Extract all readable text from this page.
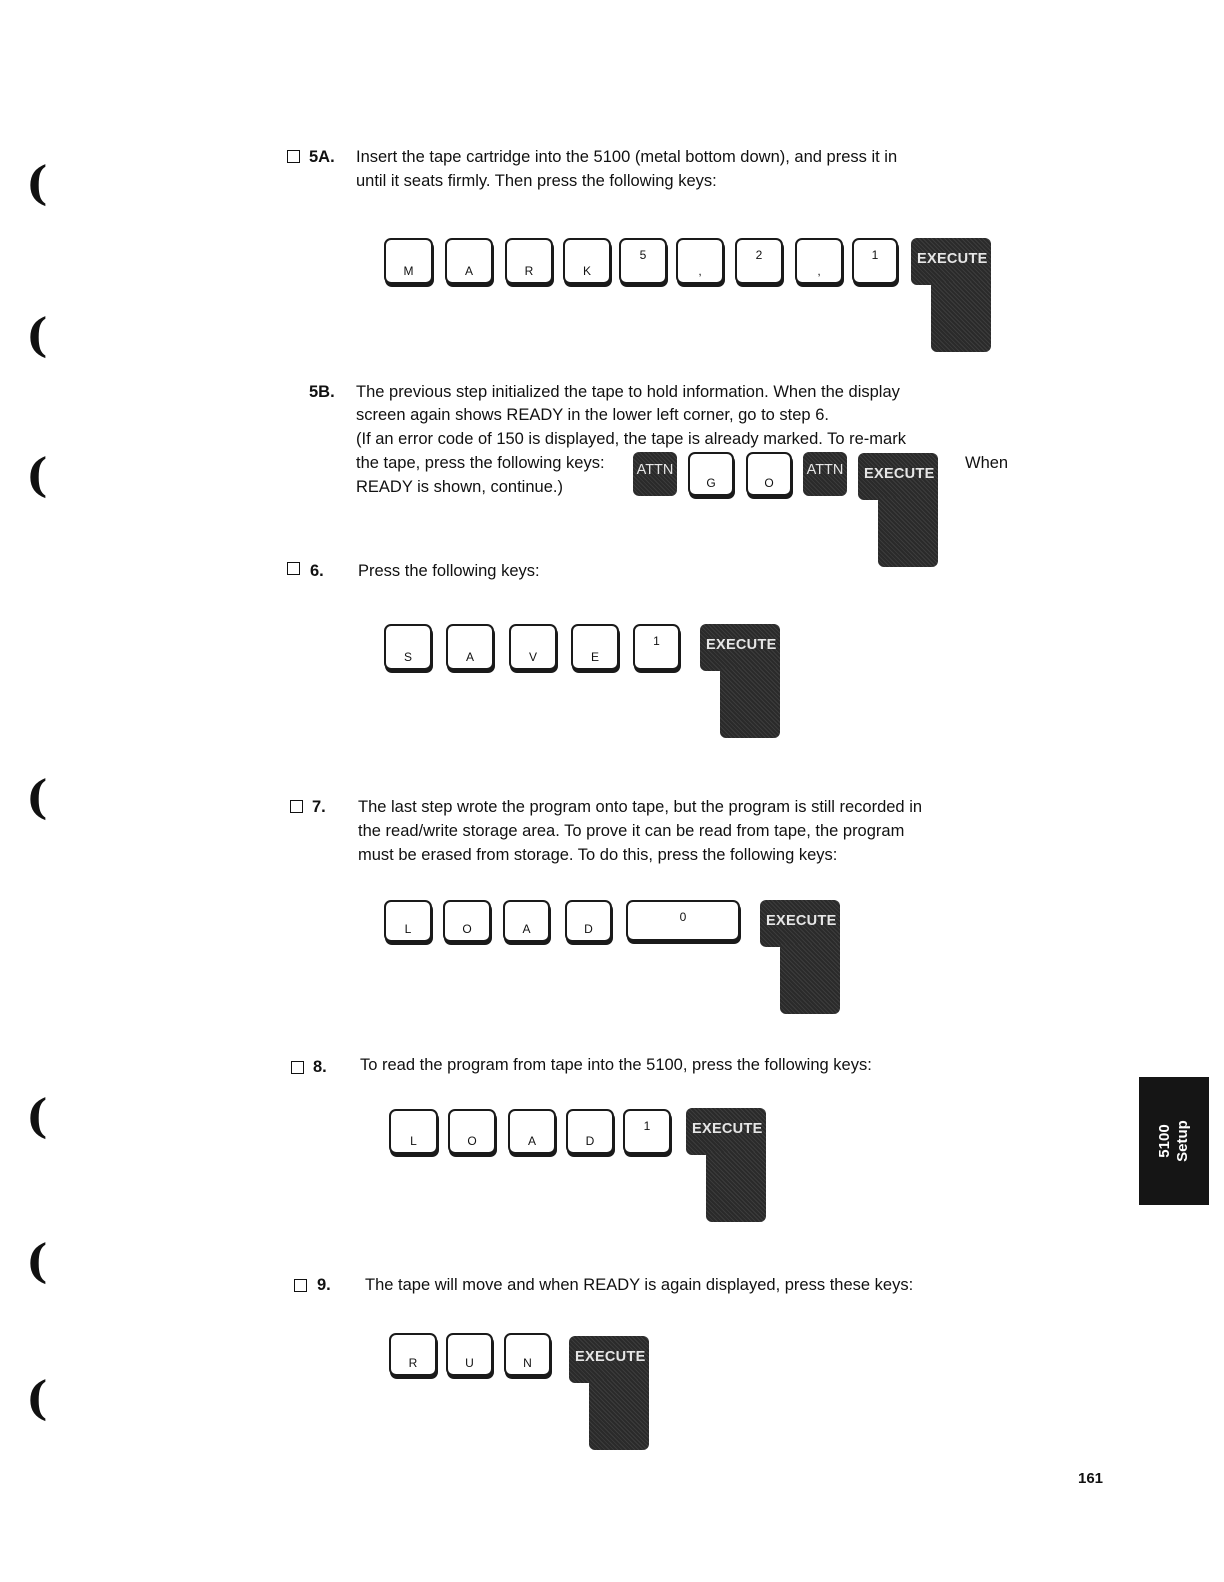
(
(
(
(
(
(
(
5A. Insert the tape cartridge into the 5100 (metal bottom down), and press it in
until it seats firmly. Then press the following keys:
M	A	R	K
5
,
2
,
1	EXECUTE
5B. The previous step initialized the tape to hold information. When the display
screen again shows READY in the lower left corner, go to step 6.
(If an error code of 150 is displayed, the tape is already marked. To re-mark
the tape, press the following keys:
READY is shown, continue.)
When
ATTN
G	O
ATTN	EXECUTE
6. Press the following keys:
S	A	V	E
1	EXECUTE
7. The last step wrote the program onto tape, but the program is still recorded in
the read/write storage area. To prove it can be read from tape, the program
must be erased from storage. To do this, press the following keys:
L	O	A	D
0	EXECUTE
8. To read the program from tape into the 5100, press the following keys:
L	O	A	D
1	EXECUTE
9. The tape will move and when READY is again displayed, press these keys:
R	U	N	EXECUTE
5100 Setup
161
